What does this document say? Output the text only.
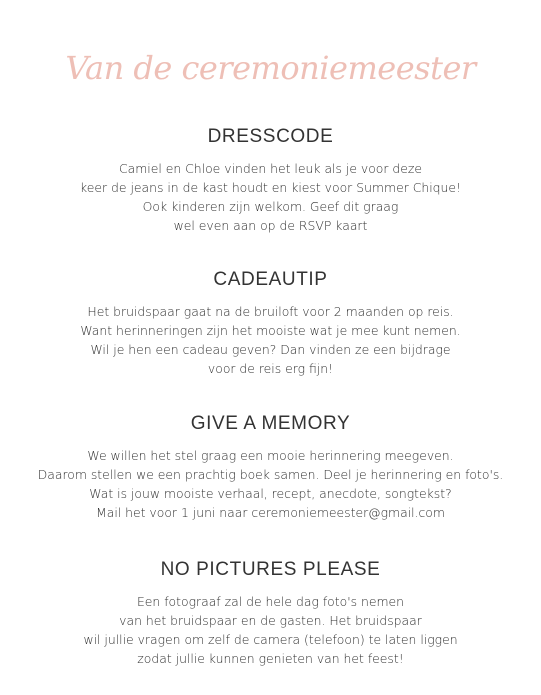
Van de ceremoniemeester
DRESSCODE
Camiel en Chloe vinden het leuk als je voor deze
keer de jeans in de kast houdt en kiest voor Summer Chique!
Ook kinderen zijn welkom. Geef dit graag
wel even aan op de RSVP kaart
CADEAUTIP
Het bruidspaar gaat na de bruiloft voor 2 maanden op reis.
Want herinneringen zijn het mooiste wat je mee kunt nemen.
Wil je hen een cadeau geven? Dan vinden ze een bijdrage
voor de reis erg fijn!
GIVE A MEMORY
We willen het stel graag een mooie herinnering meegeven.
Daarom stellen we een prachtig boek samen. Deel je herinnering en foto's.
Wat is jouw mooiste verhaal, recept, anecdote, songtekst?
Mail het voor 1 juni naar ceremoniemeester@gmail.com
NO PICTURES PLEASE
Een fotograaf zal de hele dag foto's nemen
van het bruidspaar en de gasten. Het bruidspaar
wil jullie vragen om zelf de camera (telefoon) te laten liggen
zodat jullie kunnen genieten van het feest!
